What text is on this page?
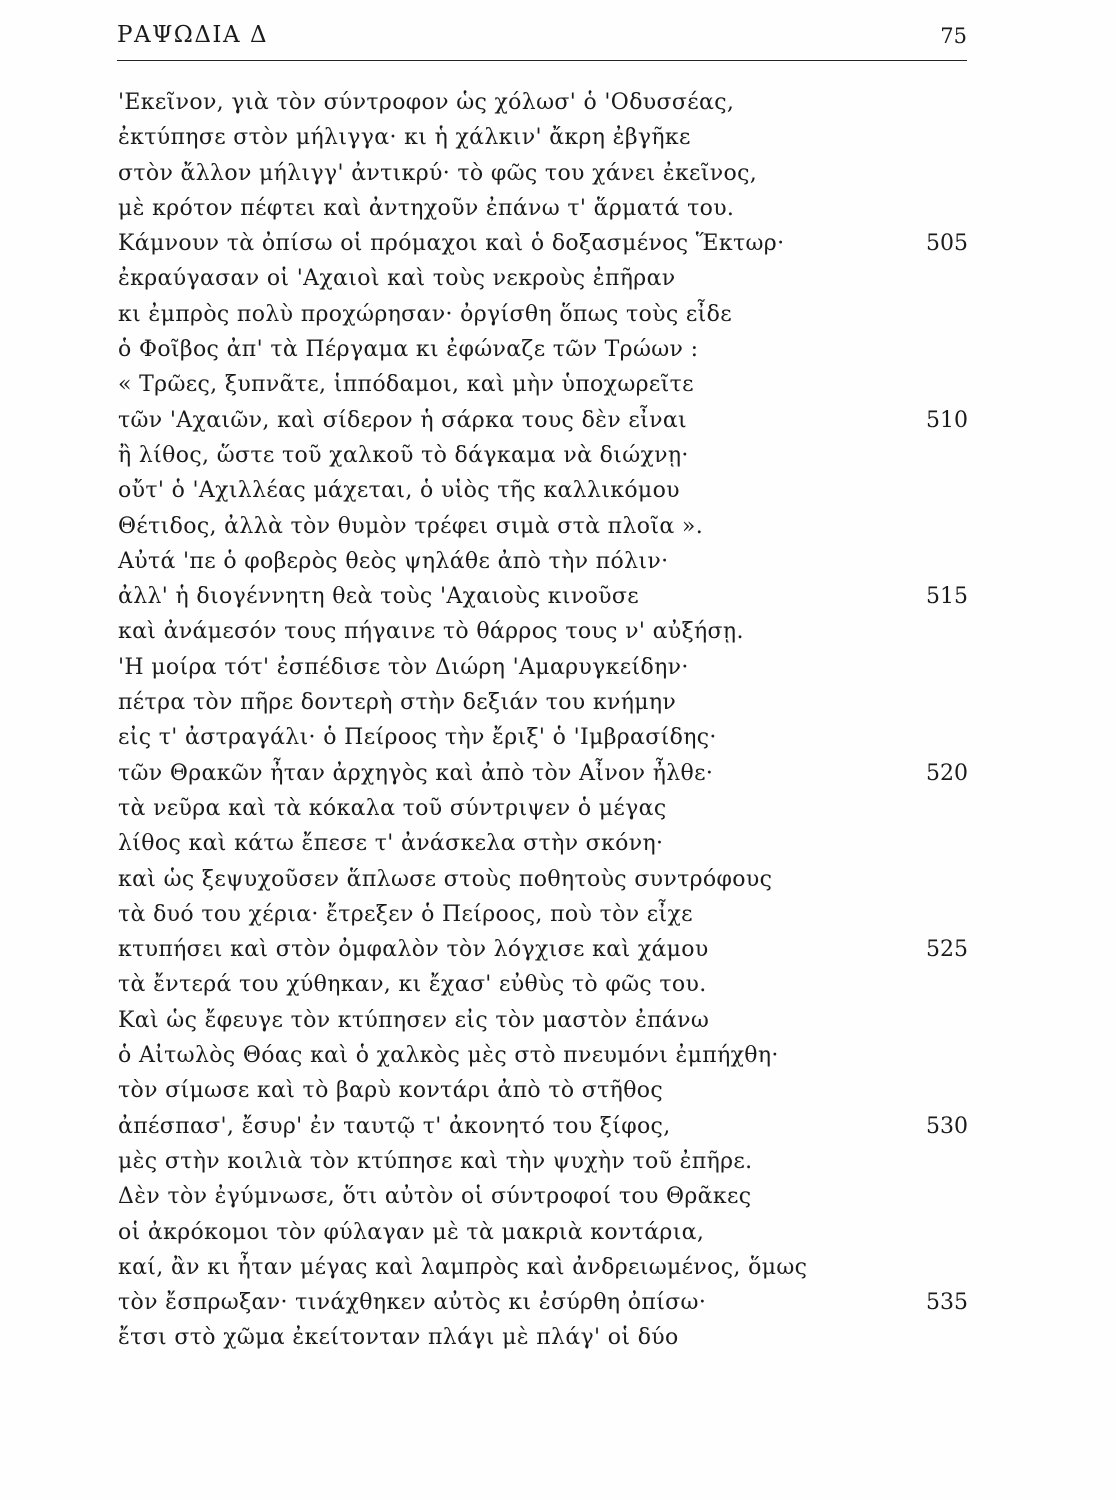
ΡΑΨΩΔΙΑ Δ	75
'Εκεῖνον, γιὰ τὸν σύντροφον ὡς χόλωσ' ὁ 'Οδυσσέας,
ἐκτύπησε στὸν μήλιγγα· κι ἡ χάλκιν' ἄκρη ἐβγῆκε
στὸν ἄλλον μήλιγγ' ἀντικρύ· τὸ φῶς του χάνει ἐκεῖνος,
μὲ κρότον πέφτει καὶ ἀντηχοῦν ἐπάνω τ' ἅρματά του.
Κάμνουν τὰ ὀπίσω οἱ πρόμαχοι καὶ ὁ δοξασμένος Ἕκτωρ·	505
ἐκραύγασαν οἱ 'Αχαιοὶ καὶ τοὺς νεκροὺς ἐπῆραν
κι ἐμπρὸς πολὺ προχώρησαν· ὀργίσθη ὅπως τοὺς εἶδε
ὁ Φοῖβος ἀπ' τὰ Πέργαμα κι ἐφώναζε τῶν Τρώων :
« Τρῶες, ξυπνᾶτε, ἱππόδαμοι, καὶ μὴν ὑποχωρεῖτε
τῶν 'Αχαιῶν, καὶ σίδερον ἡ σάρκα τους δὲν εἶναι	510
ἢ λίθος, ὥστε τοῦ χαλκοῦ τὸ δάγκαμα νὰ διώχνῃ·
οὔτ' ὁ 'Αχιλλέας μάχεται, ὁ υἱὸς τῆς καλλικόμου
Θέτιδος, ἀλλὰ τὸν θυμὸν τρέφει σιμὰ στὰ πλοῖα ».
Αὐτά 'πε ὁ φοβερὸς θεὸς ψηλάθε ἀπὸ τὴν πόλιν·
ἀλλ' ἡ διογέννητη θεὰ τοὺς 'Αχαιοὺς κινοῦσε	515
καὶ ἀνάμεσόν τους πήγαινε τὸ θάρρος τους ν' αὐξήσῃ.
'Η μοίρα τότ' ἐσπέδισε τὸν Διώρη 'Αμαρυγκείδην·
πέτρα τὸν πῆρε δοντερὴ στὴν δεξιάν του κνήμην
εἰς τ' ἀστραγάλι· ὁ Πείροος τὴν ἔριξ' ὁ 'Ιμβρασίδης·
τῶν Θρακῶν ἦταν ἀρχηγὸς καὶ ἀπὸ τὸν Αἶνον ἦλθε·	520
τὰ νεῦρα καὶ τὰ κόκαλα τοῦ σύντριψεν ὁ μέγας
λίθος καὶ κάτω ἔπεσε τ' ἀνάσκελα στὴν σκόνη·
καὶ ὡς ξεψυχοῦσεν ἅπλωσε στοὺς ποθητοὺς συντρόφους
τὰ δυό του χέρια· ἔτρεξεν ὁ Πείροος, ποὺ τὸν εἶχε
κτυπήσει καὶ στὸν ὀμφαλὸν τὸν λόγχισε καὶ χάμου	525
τὰ ἔντερά του χύθηκαν, κι ἔχασ' εὐθὺς τὸ φῶς του.
Καὶ ὡς ἔφευγε τὸν κτύπησεν εἰς τὸν μαστὸν ἐπάνω
ὁ Αἰτωλὸς Θόας καὶ ὁ χαλκὸς μὲς στὸ πνευμόνι ἐμπήχθη·
τὸν σίμωσε καὶ τὸ βαρὺ κοντάρι ἀπὸ τὸ στῆθος
ἀπέσπασ', ἔσυρ' ἐν ταυτῷ τ' ἀκονητό του ξίφος,	530
μὲς στὴν κοιλιὰ τὸν κτύπησε καὶ τὴν ψυχὴν τοῦ ἐπῆρε.
Δὲν τὸν ἐγύμνωσε, ὅτι αὐτὸν οἱ σύντροφοί του Θρᾶκες
οἱ ἀκρόκομοι τὸν φύλαγαν μὲ τὰ μακριὰ κοντάρια,
καί, ἂν κι ἦταν μέγας καὶ λαμπρὸς καὶ ἀνδρειωμένος, ὅμως
τὸν ἔσπρωξαν· τινάχθηκεν αὐτὸς κι ἐσύρθη ὀπίσω·	535
ἔτσι στὸ χῶμα ἐκείτονταν πλάγι μὲ πλάγ' οἱ δύο
